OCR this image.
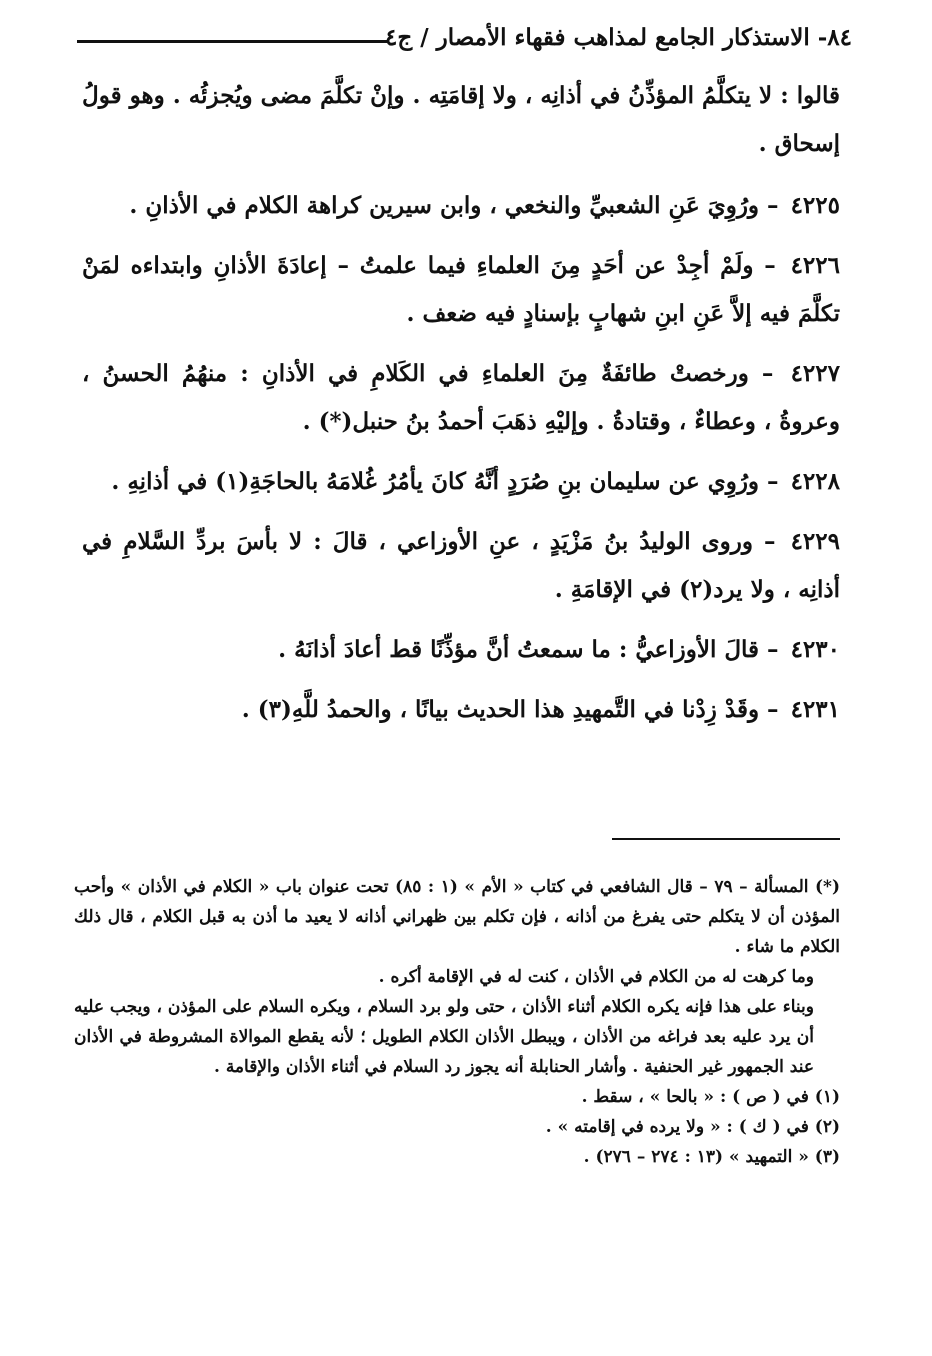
٨٤- الاستذكار الجامع لمذاهب فقهاء الأمصار / ج٤

قالوا : لا يتكلَّمُ المؤذِّنُ في أذانِه ، ولا إقامَتِه . وإنْ تكلَّمَ مضى ويُجزئُه . وهو قولُ إسحاق .

٤٢٢٥ – ورُوِيَ عَنِ الشعبيِّ والنخعي ، وابن سيرين كراهة الكلام في الأذانِ .

٤٢٢٦ – ولَمْ أجِدْ عن أحَدٍ مِنَ العلماءِ فيما علمتُ – إعادَةَ الأذانِ وابتداءه لمَنْ تكلَّمَ فيه إلاَّ عَنِ ابنِ شهابٍ بإسنادٍ فيه ضعف .

٤٢٢٧ – ورخصتْ طائفَةٌ مِنَ العلماءِ في الكَلامِ في الأذانِ : منهُمُ الحسنُ ، وعروةُ ، وعطاءٌ ، وقتادةُ . وإليْهِ ذهَبَ أحمدُ بنُ حنبل(*) .

٤٢٢٨ – ورُوِي عن سليمان بنِ صُرَدٍ أنَّهُ كانَ يأمُرُ غُلامَهُ بالحاجَةِ(١) في أذانِهِ .

٤٢٢٩ – وروى الوليدُ بنُ مَزْيَدٍ ، عنِ الأوزاعي ، قالَ : لا بأسَ بردِّ السَّلامِ في أذانِه ، ولا يرد(٢) في الإقامَةِ .

٤٢٣٠ – قالَ الأوزاعيُّ : ما سمعتُ أنَّ مؤذِّنًا قط أعادَ أذانَهُ .

٤٢٣١ – وقَدْ زِدْنا في التَّمهيدِ هذا الحديث بيانًا ، والحمدُ للَّهِ(٣) .

(*) المسألة – ٧٩ – قال الشافعي في كتاب « الأم » (١ : ٨٥) تحت عنوان باب « الكلام في الأذان » وأحب المؤذن أن لا يتكلم حتى يفرغ من أذانه ، فإن تكلم بين ظهراني أذانه لا يعيد ما أذن به قبل الكلام ، قال ذلك الكلام ما شاء .

وما كرهت له من الكلام في الأذان ، كنت له في الإقامة أكره .

وبناء على هذا فإنه يكره الكلام أثناء الأذان ، حتى ولو برد السلام ، ويكره السلام على المؤذن ، ويجب عليه أن يرد عليه بعد فراغه من الأذان ، ويبطل الأذان الكلام الطويل ؛ لأنه يقطع الموالاة المشروطة في الأذان عند الجمهور غير الحنفية . وأشار الحنابلة أنه يجوز رد السلام في أثناء الأذان والإقامة .

(١) في ( ص ) : « بالحا » ، سقط .

(٢) في ( ك ) : « ولا يرده في إقامته » .

(٣) « التمهيد » (١٣ : ٢٧٤ – ٢٧٦) .
